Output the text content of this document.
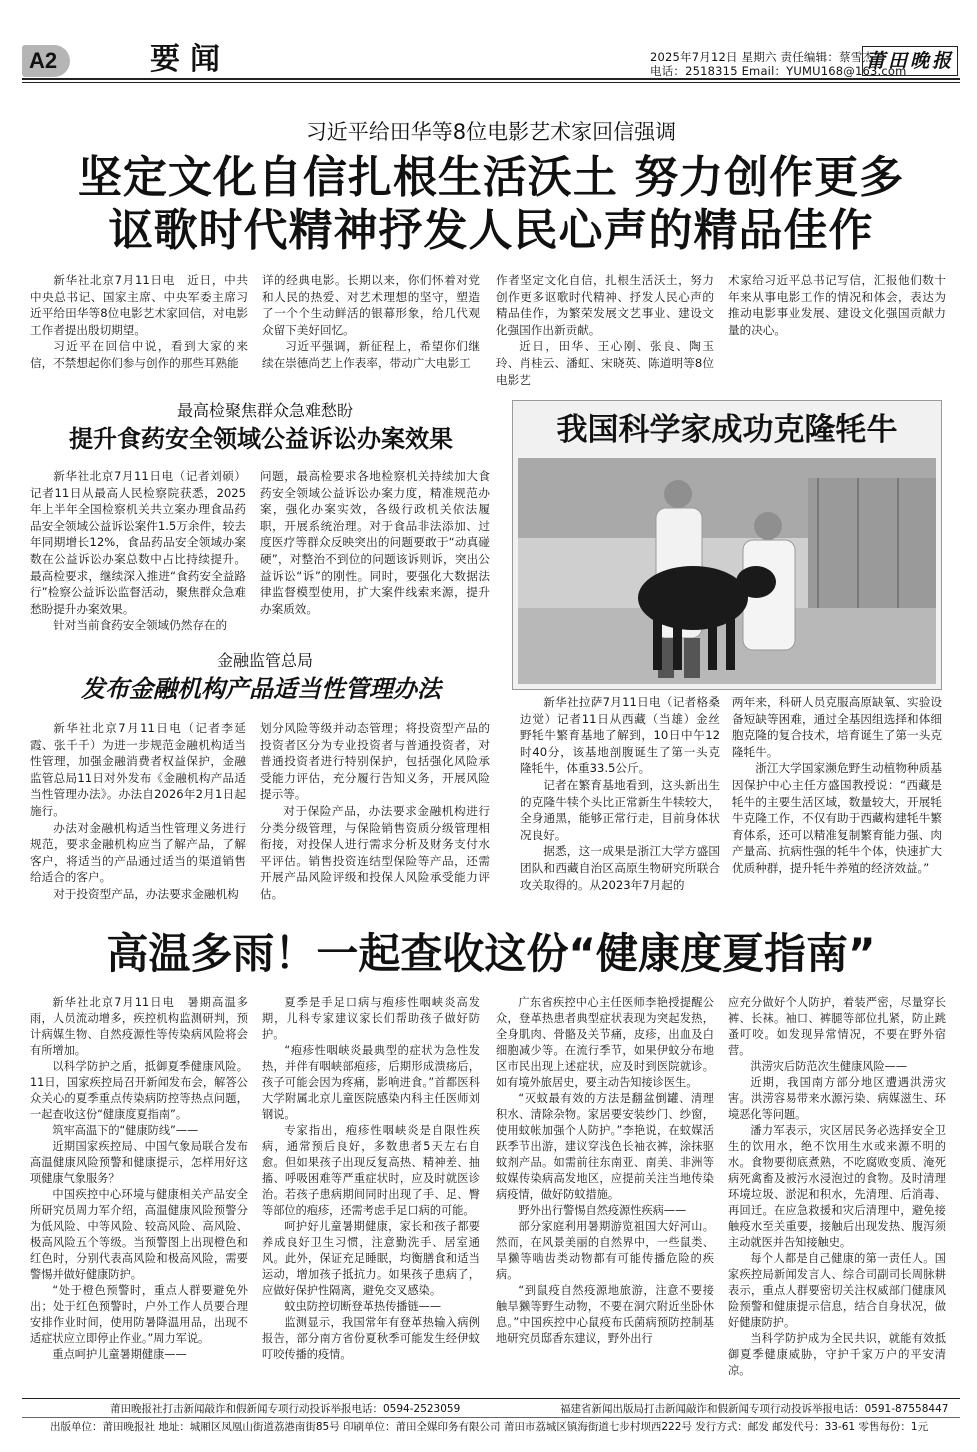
A2	要闻	2025年7月12日 星期六 责任编辑：蔡雪杰
电话：2518315 Email：YUMU168@163.com
莆田晚报
习近平给田华等8位电影艺术家回信强调
坚定文化自信扎根生活沃土 努力创作更多
讴歌时代精神抒发人民心声的精品佳作

新华社北京7月11日电　近日，中共中央总书记、国家主席、中央军委主席习近平给田华等8位电影艺术家回信，对电影工作者提出殷切期望。

习近平在回信中说，看到大家的来信，不禁想起你们参与创作的那些耳熟能

详的经典电影。长期以来，你们怀着对党和人民的热爱、对艺术理想的坚守，塑造了一个个生动鲜活的银幕形象，给几代观众留下美好回忆。

习近平强调，新征程上，希望你们继续在崇德尚艺上作表率，带动广大电影工

作者坚定文化自信，扎根生活沃土，努力创作更多讴歌时代精神、抒发人民心声的精品佳作，为繁荣发展文艺事业、建设文化强国作出新贡献。

近日，田华、王心刚、张良、陶玉玲、肖桂云、潘虹、宋晓英、陈道明等8位电影艺

术家给习近平总书记写信，汇报他们数十年来从事电影工作的情况和体会，表达为推动电影事业发展、建设文化强国贡献力量的决心。

最高检聚焦群众急难愁盼
提升食药安全领域公益诉讼办案效果

新华社北京7月11日电（记者刘硕）记者11日从最高人民检察院获悉，2025年上半年全国检察机关共立案办理食品药品安全领域公益诉讼案件1.5万余件，较去年同期增长12%，食品药品安全领域办案数在公益诉讼办案总数中占比持续提升。最高检要求，继续深入推进“食药安全益路行”检察公益诉讼监督活动，聚焦群众急难愁盼提升办案效果。

针对当前食药安全领域仍然存在的

问题，最高检要求各地检察机关持续加大食药安全领域公益诉讼办案力度，精准规范办案，强化办案实效，各级行政机关依法履职，开展系统治理。对于食品非法添加、过度医疗等群众反映突出的问题要敢于“动真碰硬”，对整治不到位的问题该诉则诉，突出公益诉讼“诉”的刚性。同时，要强化大数据法律监督模型使用，扩大案件线索来源，提升办案质效。

金融监管总局
发布金融机构产品适当性管理办法

新华社北京7月11日电（记者李延霞、张千千）为进一步规范金融机构适当性管理，加强金融消费者权益保护，金融监管总局11日对外发布《金融机构产品适当性管理办法》。办法自2026年2月1日起施行。

办法对金融机构适当性管理义务进行规范，要求金融机构应当了解产品，了解客户，将适当的产品通过适当的渠道销售给适合的客户。

对于投资型产品，办法要求金融机构

划分风险等级并动态管理；将投资型产品的投资者区分为专业投资者与普通投资者，对普通投资者进行特别保护，包括强化风险承受能力评估，充分履行告知义务，开展风险提示等。

对于保险产品，办法要求金融机构进行分类分级管理，与保险销售资质分级管理相衔接，对投保人进行需求分析及财务支付水平评估。销售投资连结型保险等产品，还需开展产品风险评级和投保人风险承受能力评估。

我国科学家成功克隆牦牛

新华社拉萨7月11日电（记者格桑边觉）记者11日从西藏（当雄）金丝野牦牛繁育基地了解到，10日中午12时40分，该基地剖腹诞生了第一头克隆牦牛，体重33.5公斤。

记者在繁育基地看到，这头新出生的克隆牛犊个头比正常新生牛犊较大，全身通黑，能够正常行走，目前身体状况良好。

据悉，这一成果是浙江大学方盛国团队和西藏自治区高原生物研究所联合攻关取得的。从2023年7月起的

两年来，科研人员克服高原缺氧、实验设备短缺等困难，通过全基因组选择和体细胞克隆的复合技术，培育诞生了第一头克隆牦牛。

浙江大学国家濒危野生动植物种质基因保护中心主任方盛国教授说：“西藏是牦牛的主要生活区域，数量较大，开展牦牛克隆工作，不仅有助于西藏构建牦牛繁育体系，还可以精准复制繁育能力强、肉产量高、抗病性强的牦牛个体，快速扩大优质种群，提升牦牛养殖的经济效益。”

高温多雨！一起查收这份“健康度夏指南”

新华社北京7月11日电　暑期高温多雨，人员流动增多，疾控机构监测研判，预计病媒生物、自然疫源性等传染病风险将会有所增加。

以科学防护之盾，抵御夏季健康风险。11日，国家疾控局召开新闻发布会，解答公众关心的夏季重点传染病防控等热点问题，一起查收这份“健康度夏指南”。

筑牢高温下的“健康防线”——

近期国家疾控局、中国气象局联合发布高温健康风险预警和健康提示，怎样用好这项健康气象服务？

中国疾控中心环境与健康相关产品安全所研究员周力军介绍，高温健康风险预警分为低风险、中等风险、较高风险、高风险、极高风险五个等级。当预警图上出现橙色和红色时，分别代表高风险和极高风险，需要警惕并做好健康防护。

“处于橙色预警时，重点人群要避免外出；处于红色预警时，户外工作人员要合理安排作业时间，使用防暑降温用品，出现不适症状应立即停止作业。”周力军说。

重点呵护儿童暑期健康——

夏季是手足口病与疱疹性咽峡炎高发期，儿科专家建议家长们帮助孩子做好防护。

“疱疹性咽峡炎最典型的症状为急性发热，并伴有咽峡部疱疹，后期形成溃疡后，孩子可能会因为疼痛，影响进食。”首都医科大学附属北京儿童医院感染内科主任医师刘钢说。

专家指出，疱疹性咽峡炎是自限性疾病，通常预后良好，多数患者5天左右自愈。但如果孩子出现反复高热、精神差、抽搐、呼吸困难等严重症状时，应及时就医诊治。若孩子患病期间同时出现了手、足、臀等部位的疱疹，还需考虑手足口病的可能。

呵护好儿童暑期健康，家长和孩子都要养成良好卫生习惯，注意勤洗手、居室通风。此外，保证充足睡眠，均衡膳食和适当运动，增加孩子抵抗力。如果孩子患病了，应做好保护性隔离，避免交叉感染。

蚊虫防控切断登革热传播链——

监测显示，我国常年有登革热输入病例报告，部分南方省份夏秋季可能发生经伊蚊叮咬传播的疫情。

广东省疾控中心主任医师李艳授提醒公众，登革热患者典型症状表现为突起发热，全身肌肉、骨骼及关节痛，皮疹，出血及白细胞减少等。在流行季节，如果伊蚊分布地区市民出现上述症状，应及时到医院就诊。如有境外旅居史，要主动告知接诊医生。

“灭蚊最有效的方法是翻盆倒罐、清理积水、清除杂物。家居要安装纱门、纱窗，使用蚊帐加强个人防护。”李艳说，在蚊媒活跃季节出游，建议穿浅色长袖衣裤，涂抹驱蚊剂产品。如需前往东南亚、南美、非洲等蚊媒传染病高发地区，应提前关注当地传染病疫情，做好防蚊措施。

野外出行警惕自然疫源性疾病——

部分家庭利用暑期游览祖国大好河山。然而，在风景美丽的自然界中，一些鼠类、旱獭等啮齿类动物都有可能传播危险的疾病。

“到鼠疫自然疫源地旅游，注意不要接触旱獭等野生动物，不要在洞穴附近坐卧休息。”中国疾控中心鼠疫布氏菌病预防控制基地研究员邸香东建议，野外出行

应充分做好个人防护，着装严密，尽量穿长裤、长袜。袖口、裤腿等部位扎紧，防止跳蚤叮咬。如发现异常情况，不要在野外宿营。

洪涝灾后防范次生健康风险——

近期，我国南方部分地区遭遇洪涝灾害。洪涝容易带来水源污染、病媒滋生、环境恶化等问题。

潘力军表示，灾区居民务必选择安全卫生的饮用水，绝不饮用生水或来源不明的水。食物要彻底煮熟，不吃腐败变质、淹死病死禽畜及被污水浸泡过的食物。及时清理环境垃圾、淤泥和积水，先清理、后消毒、再回迁。在应急救援和灾后清理中，避免接触疫水至关重要，接触后出现发热、腹泻须主动就医并告知接触史。

每个人都是自己健康的第一责任人。国家疾控局新闻发言人、综合司副司长周脉耕表示，重点人群要密切关注权威部门健康风险预警和健康提示信息，结合自身状况，做好健康防护。

当科学防护成为全民共识，就能有效抵御夏季健康威胁，守护千家万户的平安清凉。

莆田晚报社打击新闻敲诈和假新闻专项行动投诉举报电话：0594-2523059	福建省新闻出版局打击新闻敲诈和假新闻专项行动投诉举报电话：0591-87558447
出版单位：莆田晚报社 地址：城厢区凤凰山街道荔港南街85号 印刷单位：莆田全媒印务有限公司 莆田市荔城区镇海街道七步村坝西222号 发行方式：邮发 邮发代号：33-61 零售每份：1元
